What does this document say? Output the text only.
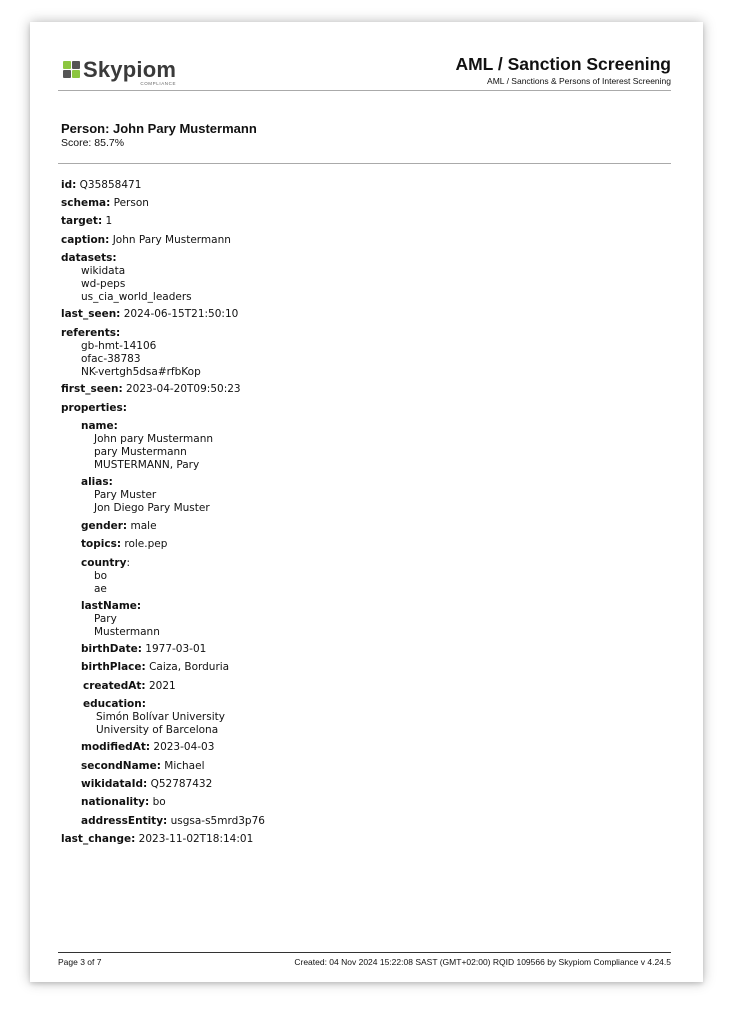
Skypiom
COMPLIANCE
AML / Sanction Screening
AML / Sanctions & Persons of Interest Screening
Person: John Pary Mustermann
Score: 85.7%
id: Q35858471
schema: Person
target: 1
caption: John Pary Mustermann
datasets:
wikidata
wd-peps
us_cia_world_leaders
last_seen: 2024-06-15T21:50:10
referents:
gb-hmt-14106
ofac-38783
NK-vertgh5dsa#rfbKop
first_seen: 2023-04-20T09:50:23
properties:
name:
John pary Mustermann
pary Mustermann
MUSTERMANN, Pary
alias:
Pary Muster
Jon Diego Pary Muster
gender: male
topics: role.pep
country:
bo
ae
lastName:
Pary
Mustermann
birthDate: 1977-03-01
birthPlace: Caiza, Borduria
createdAt: 2021
education:
Simón Bolívar University
University of Barcelona
modifiedAt: 2023-04-03
secondName: Michael
wikidataId: Q52787432
nationality: bo
addressEntity: usgsa-s5mrd3p76
last_change: 2023-11-02T18:14:01
Page 3 of 7	Created: 04 Nov 2024 15:22:08 SAST (GMT+02:00) RQID 109566 by Skypiom Compliance v 4.24.5
